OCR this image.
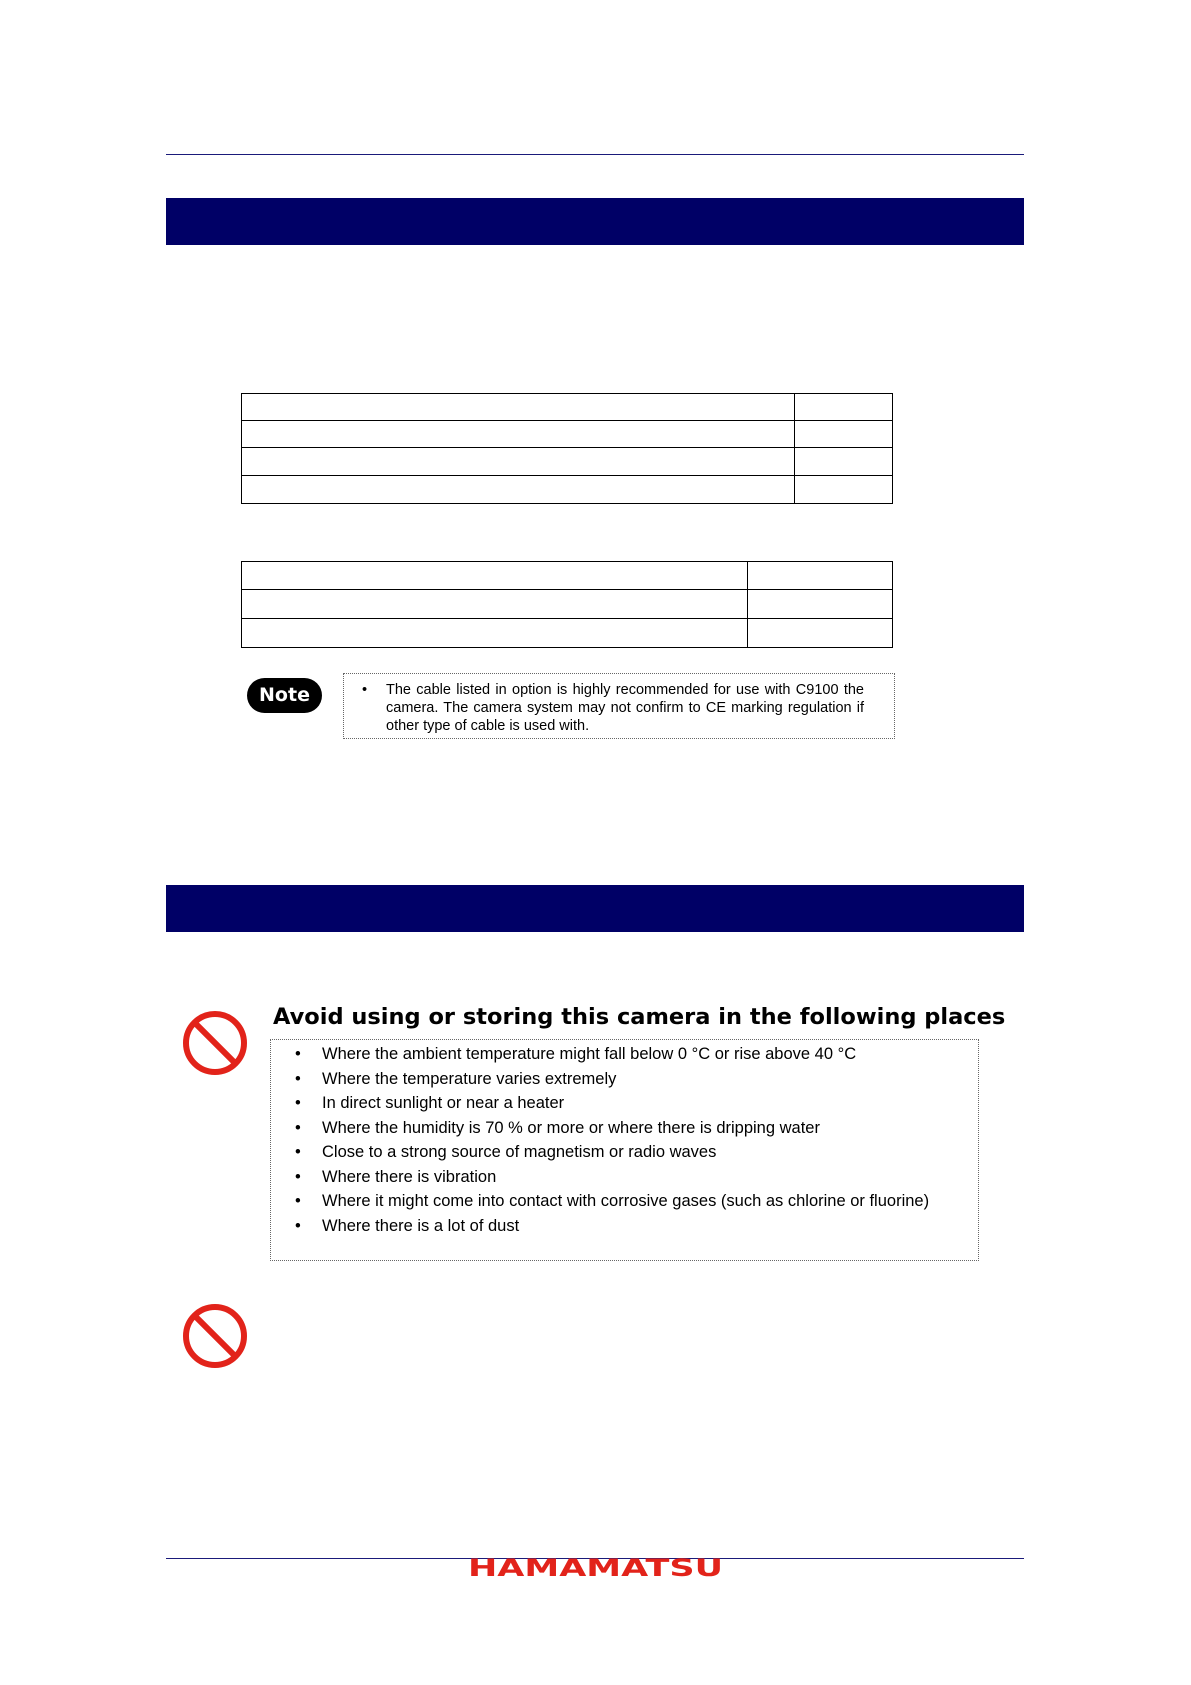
Note	• The cable listed in option is highly recommended for use with C9100 the camera. The camera system may not confirm to CE marking regulation if other type of cable is used with.
Avoid using or storing this camera in the following places
• Where the ambient temperature might fall below 0 °C or rise above 40 °C
• Where the temperature varies extremely
• In direct sunlight or near a heater
• Where the humidity is 70 % or more or where there is dripping water
• Close to a strong source of magnetism or radio waves
• Where there is vibration
• Where it might come into contact with corrosive gases (such as chlorine or fluorine)
• Where there is a lot of dust
HAMAMATSU
